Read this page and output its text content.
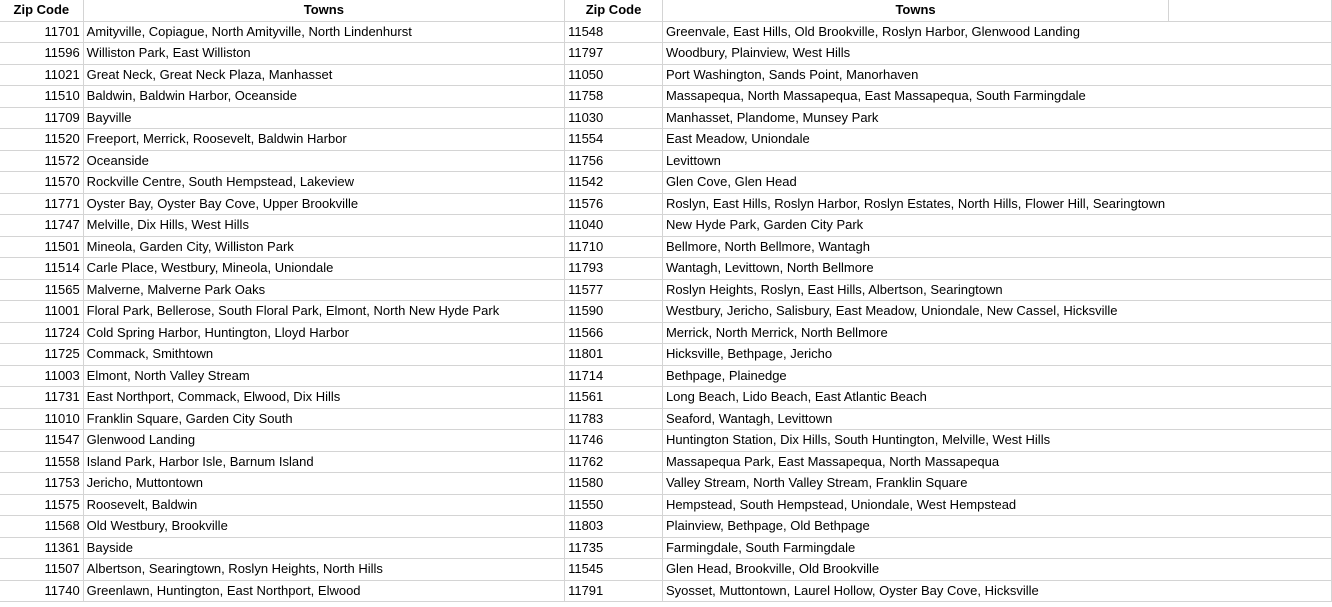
Zip Code	Towns	Zip Code	Towns	
11701	Amityville, Copiague, North Amityville, North Lindenhurst	11548	Greenvale, East Hills, Old Brookville, Roslyn Harbor, Glenwood Landing	
11596	Williston Park, East Williston	11797	Woodbury, Plainview, West Hills	
11021	Great Neck, Great Neck Plaza, Manhasset	11050	Port Washington, Sands Point, Manorhaven	
11510	Baldwin, Baldwin Harbor, Oceanside	11758	Massapequa, North Massapequa, East Massapequa, South Farmingdale	
11709	Bayville	11030	Manhasset, Plandome, Munsey Park	
11520	Freeport, Merrick, Roosevelt, Baldwin Harbor	11554	East Meadow, Uniondale	
11572	Oceanside	11756	Levittown	
11570	Rockville Centre, South Hempstead, Lakeview	11542	Glen Cove, Glen Head	
11771	Oyster Bay, Oyster Bay Cove, Upper Brookville	11576	Roslyn, East Hills, Roslyn Harbor, Roslyn Estates, North Hills, Flower Hill, Searingtown	
11747	Melville, Dix Hills, West Hills	11040	New Hyde Park, Garden City Park	
11501	Mineola, Garden City, Williston Park	11710	Bellmore, North Bellmore, Wantagh	
11514	Carle Place, Westbury, Mineola, Uniondale	11793	Wantagh, Levittown, North Bellmore	
11565	Malverne, Malverne Park Oaks	11577	Roslyn Heights, Roslyn, East Hills, Albertson, Searingtown	
11001	Floral Park, Bellerose, South Floral Park, Elmont, North New Hyde Park	11590	Westbury, Jericho, Salisbury, East Meadow, Uniondale, New Cassel, Hicksville	
11724	Cold Spring Harbor, Huntington, Lloyd Harbor	11566	Merrick, North Merrick, North Bellmore	
11725	Commack, Smithtown	11801	Hicksville, Bethpage, Jericho	
11003	Elmont, North Valley Stream	11714	Bethpage, Plainedge	
11731	East Northport, Commack, Elwood, Dix Hills	11561	Long Beach, Lido Beach, East Atlantic Beach	
11010	Franklin Square, Garden City South	11783	Seaford, Wantagh, Levittown	
11547	Glenwood Landing	11746	Huntington Station, Dix Hills, South Huntington, Melville, West Hills	
11558	Island Park, Harbor Isle, Barnum Island	11762	Massapequa Park, East Massapequa, North Massapequa	
11753	Jericho, Muttontown	11580	Valley Stream, North Valley Stream, Franklin Square	
11575	Roosevelt, Baldwin	11550	Hempstead, South Hempstead, Uniondale, West Hempstead	
11568	Old Westbury, Brookville	11803	Plainview, Bethpage, Old Bethpage	
11361	Bayside	11735	Farmingdale, South Farmingdale	
11507	Albertson, Searingtown, Roslyn Heights, North Hills	11545	Glen Head, Brookville, Old Brookville	
11740	Greenlawn, Huntington, East Northport, Elwood	11791	Syosset, Muttontown, Laurel Hollow, Oyster Bay Cove, Hicksville	
